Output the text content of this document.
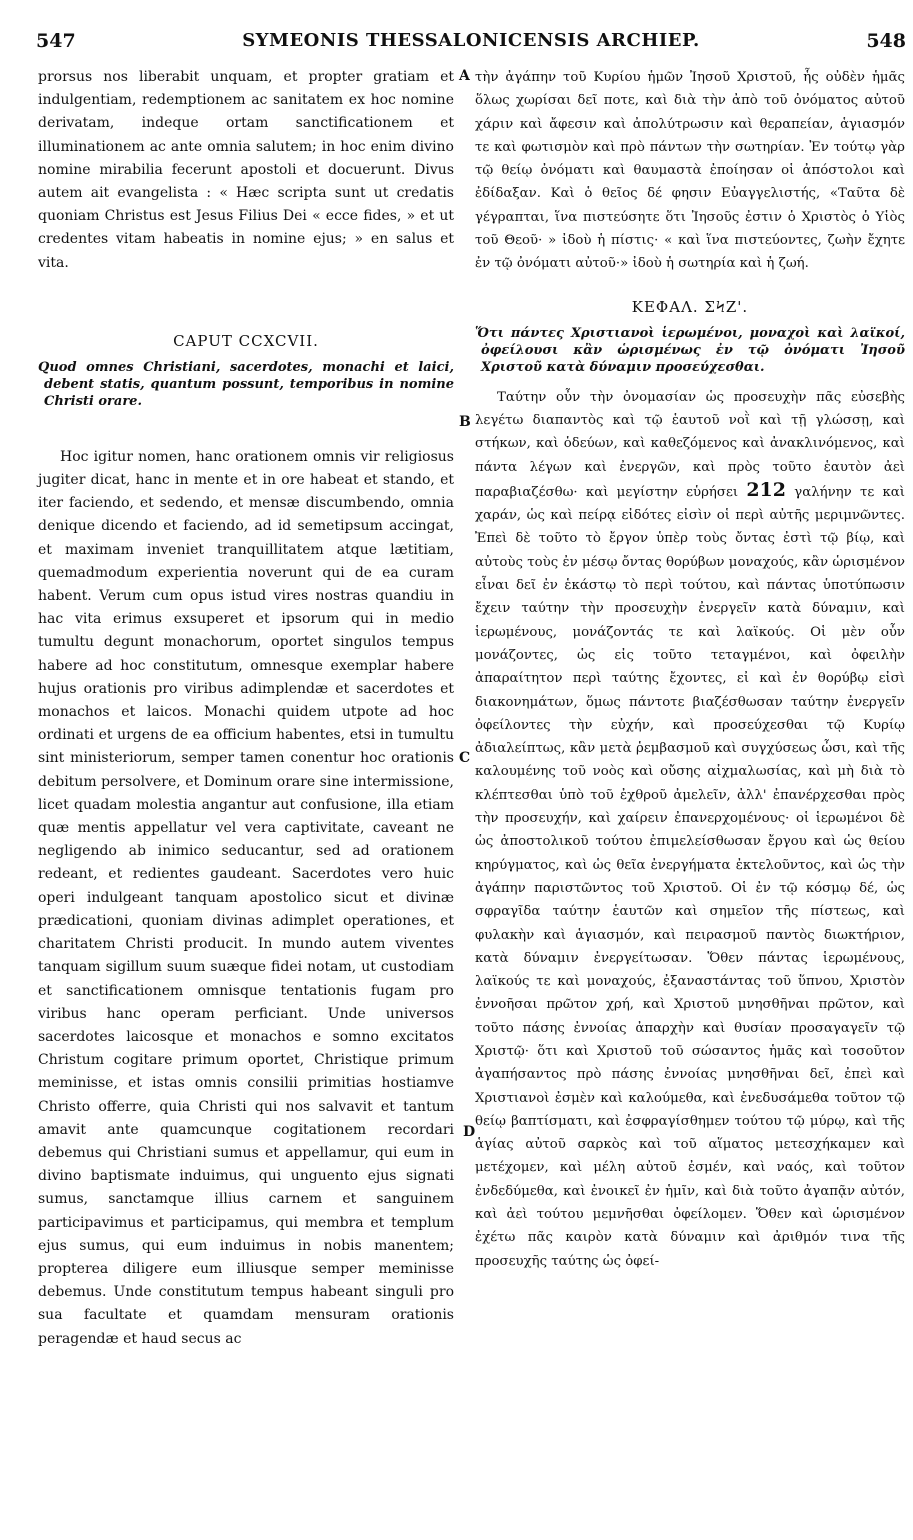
547	SYMEONIS THESSALONICENSIS ARCHIEP.	548
A
B
C
D

prorsus nos liberabit unquam, et propter gratiam et indulgentiam, redemptionem ac sanitatem ex hoc nomine derivatam, indeque ortam sanctificationem et illuminationem ac ante omnia salutem; in hoc enim divino nomine mirabilia fecerunt apostoli et docuerunt. Divus autem ait evangelista : « Hæc scripta sunt ut credatis quoniam Christus est Jesus Filius Dei « ecce fides, » et ut credentes vitam habeatis in nomine ejus; » en salus et vita.

CAPUT CCXCVII.

Quod omnes Christiani, sacerdotes, monachi et laici, debent statis, quantum possunt, temporibus in nomine Christi orare.

Hoc igitur nomen, hanc orationem omnis vir religiosus jugiter dicat, hanc in mente et in ore habeat et stando, et iter faciendo, et sedendo, et mensæ discumbendo, omnia denique dicendo et faciendo, ad id semetipsum accingat, et maximam inveniet tranquillitatem atque lætitiam, quemadmodum experientia noverunt qui de ea curam habent. Verum cum opus istud vires nostras quandiu in hac vita erimus exsuperet et ipsorum qui in medio tumultu degunt monachorum, oportet singulos tempus habere ad hoc constitutum, omnesque exemplar habere hujus orationis pro viribus adimplendæ et sacerdotes et monachos et laicos. Monachi quidem utpote ad hoc ordinati et urgens de ea officium habentes, etsi in tumultu sint ministeriorum, semper tamen conentur hoc orationis debitum persolvere, et Dominum orare sine intermissione, licet quadam molestia angantur aut confusione, illa etiam quæ mentis appellatur vel vera captivitate, caveant ne negligendo ab inimico seducantur, sed ad orationem redeant, et redientes gaudeant. Sacerdotes vero huic operi indulgeant tanquam apostolico sicut et divinæ prædicationi, quoniam divinas adimplet operationes, et charitatem Christi producit. In mundo autem viventes tanquam sigillum suum suæque fidei notam, ut custodiam et sanctificationem omnisque tentationis fugam pro viribus hanc operam perficiant. Unde universos sacerdotes laicosque et monachos e somno excitatos Christum cogitare primum oportet, Christique primum meminisse, et istas omnis consilii primitias hostiamve Christo offerre, quia Christi qui nos salvavit et tantum amavit ante quamcunque cogitationem recordari debemus qui Christiani sumus et appellamur, qui eum in divino baptismate induimus, qui unguento ejus signati sumus, sanctamque illius carnem et sanguinem participavimus et participamus, qui membra et templum ejus sumus, qui eum induimus in nobis manentem; propterea diligere eum illiusque semper meminisse debemus. Unde constitutum tempus habeant singuli pro sua facultate et quamdam mensuram orationis peragendæ et haud secus ac

τὴν ἀγάπην τοῦ Κυρίου ἡμῶν Ἰησοῦ Χριστοῦ, ἧς οὐδὲν ἡμᾶς ὅλως χωρίσαι δεῖ ποτε, καὶ διὰ τὴν ἀπὸ τοῦ ὀνόματος αὐτοῦ χάριν καὶ ἄφεσιν καὶ ἀπολύτρωσιν καὶ θεραπείαν, ἁγιασμόν τε καὶ φωτισμὸν καὶ πρὸ πάντων τὴν σωτηρίαν. Ἐν τούτῳ γὰρ τῷ θείῳ ὀνόματι καὶ θαυμαστὰ ἐποίησαν οἱ ἀπόστολοι καὶ ἐδίδαξαν. Καὶ ὁ θεῖος δέ φησιν Εὐαγγελιστής, «Ταῦτα δὲ γέγραπται, ἵνα πιστεύσητε ὅτι Ἰησοῦς ἐστιν ὁ Χριστὸς ὁ Υἱὸς τοῦ Θεοῦ· » ἰδοὺ ἡ πίστις· « καὶ ἵνα πιστεύοντες, ζωὴν ἔχητε ἐν τῷ ὀνόματι αὐτοῦ·» ἰδοὺ ἡ σωτηρία καὶ ἡ ζωή.

ΚΕΦΑΛ. ΣϞΖ'.

Ὅτι πάντες Χριστιανοὶ ἱερωμένοι, μοναχοὶ καὶ λαϊκοί, ὀφείλουσι κἂν ὡρισμένως ἐν τῷ ὀνόματι Ἰησοῦ Χριστοῦ κατὰ δύναμιν προσεύχεσθαι.

Ταύτην οὖν τὴν ὀνομασίαν ὡς προσευχὴν πᾶς εὐσεβὴς λεγέτω διαπαντὸς καὶ τῷ ἑαυτοῦ νοῒ καὶ τῇ γλώσσῃ, καὶ στήκων, καὶ ὁδεύων, καὶ καθεζόμενος καὶ ἀνακλινόμενος, καὶ πάντα λέγων καὶ ἐνεργῶν, καὶ πρὸς τοῦτο ἑαυτὸν ἀεὶ παραβιαζέσθω· καὶ μεγίστην εὑρήσει 212 γαλήνην τε καὶ χαράν, ὡς καὶ πείρᾳ εἰδότες εἰσὶν οἱ περὶ αὐτῆς μεριμνῶντες. Ἐπεὶ δὲ τοῦτο τὸ ἔργον ὑπὲρ τοὺς ὄντας ἐστὶ τῷ βίῳ, καὶ αὐτοὺς τοὺς ἐν μέσῳ ὄντας θορύβων μοναχούς, κἂν ὡρισμένον εἶναι δεῖ ἐν ἑκάστῳ τὸ περὶ τούτου, καὶ πάντας ὑποτύπωσιν ἔχειν ταύτην τὴν προσευχὴν ἐνεργεῖν κατὰ δύναμιν, καὶ ἱερωμένους, μονάζοντάς τε καὶ λαϊκούς. Οἱ μὲν οὖν μονάζοντες, ὡς εἰς τοῦτο τεταγμένοι, καὶ ὀφειλὴν ἀπαραίτητον περὶ ταύτης ἔχοντες, εἰ καὶ ἐν θορύβῳ εἰσὶ διακονημάτων, ὅμως πάντοτε βιαζέσθωσαν ταύτην ἐνεργεῖν ὀφείλοντες τὴν εὐχήν, καὶ προσεύχεσθαι τῷ Κυρίῳ ἀδιαλείπτως, κἂν μετὰ ῥεμβασμοῦ καὶ συγχύσεως ὦσι, καὶ τῆς καλουμένης τοῦ νοὸς καὶ οὔσης αἰχμαλωσίας, καὶ μὴ διὰ τὸ κλέπτεσθαι ὑπὸ τοῦ ἐχθροῦ ἀμελεῖν, ἀλλ' ἐπανέρχεσθαι πρὸς τὴν προσευχήν, καὶ χαίρειν ἐπανερχομένους· οἱ ἱερωμένοι δὲ ὡς ἀποστολικοῦ τούτου ἐπιμελείσθωσαν ἔργου καὶ ὡς θείου κηρύγματος, καὶ ὡς θεῖα ἐνεργήματα ἐκτελοῦντος, καὶ ὡς τὴν ἀγάπην παριστῶντος τοῦ Χριστοῦ. Οἱ ἐν τῷ κόσμῳ δέ, ὡς σφραγῖδα ταύτην ἑαυτῶν καὶ σημεῖον τῆς πίστεως, καὶ φυλακὴν καὶ ἁγιασμόν, καὶ πειρασμοῦ παντὸς διωκτήριον, κατὰ δύναμιν ἐνεργείτωσαν. Ὅθεν πάντας ἱερωμένους, λαϊκούς τε καὶ μοναχούς, ἐξαναστάντας τοῦ ὕπνου, Χριστὸν ἐννοῆσαι πρῶτον χρή, καὶ Χριστοῦ μνησθῆναι πρῶτον, καὶ τοῦτο πάσης ἐννοίας ἀπαρχὴν καὶ θυσίαν προσαγαγεῖν τῷ Χριστῷ· ὅτι καὶ Χριστοῦ τοῦ σώσαντος ἡμᾶς καὶ τοσοῦτον ἀγαπήσαντος πρὸ πάσης ἐννοίας μνησθῆναι δεῖ, ἐπεὶ καὶ Χριστιανοὶ ἐσμὲν καὶ καλούμεθα, καὶ ἐνεδυσάμεθα τοῦτον τῷ θείῳ βαπτίσματι, καὶ ἐσφραγίσθημεν τούτου τῷ μύρῳ, καὶ τῆς ἁγίας αὐτοῦ σαρκὸς καὶ τοῦ αἵματος μετεσχήκαμεν καὶ μετέχομεν, καὶ μέλη αὐτοῦ ἐσμέν, καὶ ναός, καὶ τοῦτον ἐνδεδύμεθα, καὶ ἐνοικεῖ ἐν ἡμῖν, καὶ διὰ τοῦτο ἀγαπᾷν αὐτόν, καὶ ἀεὶ τούτου μεμνῆσθαι ὀφείλομεν. Ὅθεν καὶ ὡρισμένον ἐχέτω πᾶς καιρὸν κατὰ δύναμιν καὶ ἀριθμόν τινα τῆς προσευχῆς ταύτης ὡς ὀφεί-
